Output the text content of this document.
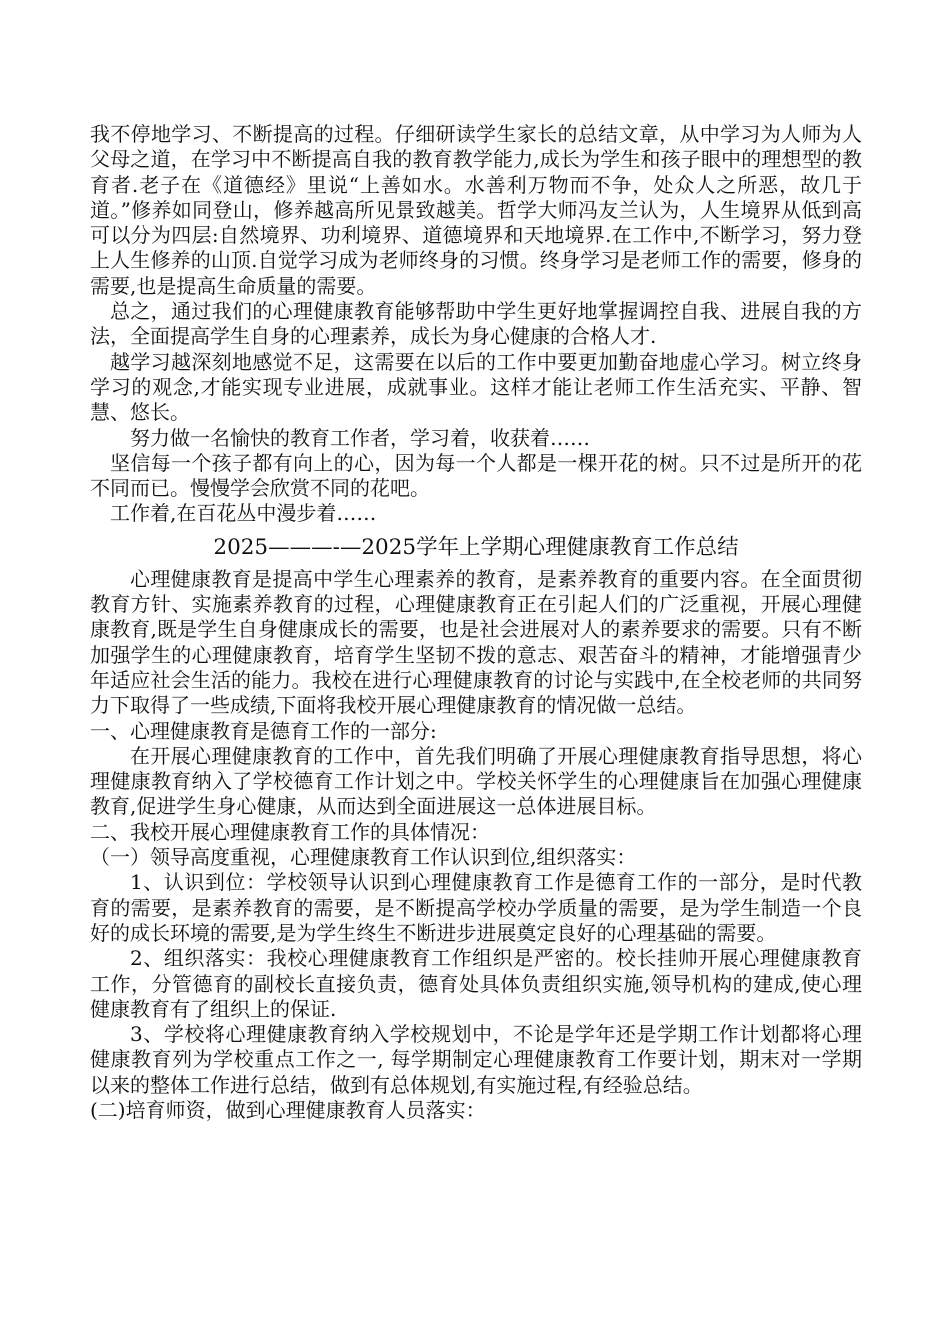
我不停地学习、不断提高的过程。仔细研读学生家长的总结文章，从中学习为人师为人父母之道，在学习中不断提高自我的教育教学能力,成长为学生和孩子眼中的理想型的教育者.老子在《道德经》里说“上善如水。水善利万物而不争，处众人之所恶，故几于道。”修养如同登山，修养越高所见景致越美。哲学大师冯友兰认为，人生境界从低到高可以分为四层:自然境界、功利境界、道德境界和天地境界.在工作中,不断学习，努力登上人生修养的山顶.自觉学习成为老师终身的习惯。终身学习是老师工作的需要，修身的需要,也是提高生命质量的需要。

总之，通过我们的心理健康教育能够帮助中学生更好地掌握调控自我、进展自我的方法，全面提高学生自身的心理素养，成长为身心健康的合格人才.

越学习越深刻地感觉不足，这需要在以后的工作中要更加勤奋地虚心学习。树立终身学习的观念,才能实现专业进展，成就事业。这样才能让老师工作生活充实、平静、智慧、悠长。

努力做一名愉快的教育工作者，学习着，收获着……

坚信每一个孩子都有向上的心，因为每一个人都是一棵开花的树。只不过是所开的花不同而已。慢慢学会欣赏不同的花吧。

工作着,在百花丛中漫步着……

2025———-—2025学年上学期心理健康教育工作总结

心理健康教育是提高中学生心理素养的教育，是素养教育的重要内容。在全面贯彻教育方针、实施素养教育的过程，心理健康教育正在引起人们的广泛重视，开展心理健康教育,既是学生自身健康成长的需要，也是社会进展对人的素养要求的需要。只有不断加强学生的心理健康教育，培育学生坚韧不拨的意志、艰苦奋斗的精神，才能增强青少年适应社会生活的能力。我校在进行心理健康教育的讨论与实践中,在全校老师的共同努力下取得了一些成绩,下面将我校开展心理健康教育的情况做一总结。

一、心理健康教育是德育工作的一部分:

在开展心理健康教育的工作中，首先我们明确了开展心理健康教育指导思想，将心理健康教育纳入了学校德育工作计划之中。学校关怀学生的心理健康旨在加强心理健康教育,促进学生身心健康，从而达到全面进展这一总体进展目标。

二、我校开展心理健康教育工作的具体情况：

（一）领导高度重视，心理健康教育工作认识到位,组织落实：

1、认识到位：学校领导认识到心理健康教育工作是德育工作的一部分，是时代教育的需要，是素养教育的需要，是不断提高学校办学质量的需要，是为学生制造一个良好的成长环境的需要,是为学生终生不断进步进展奠定良好的心理基础的需要。

2、组织落实：我校心理健康教育工作组织是严密的。校长挂帅开展心理健康教育工作，分管德育的副校长直接负责，德育处具体负责组织实施,领导机构的建成,使心理健康教育有了组织上的保证.

3、学校将心理健康教育纳入学校规划中，不论是学年还是学期工作计划都将心理健康教育列为学校重点工作之一, 每学期制定心理健康教育工作要计划，期末对一学期以来的整体工作进行总结，做到有总体规划,有实施过程,有经验总结。

(二)培育师资，做到心理健康教育人员落实：
